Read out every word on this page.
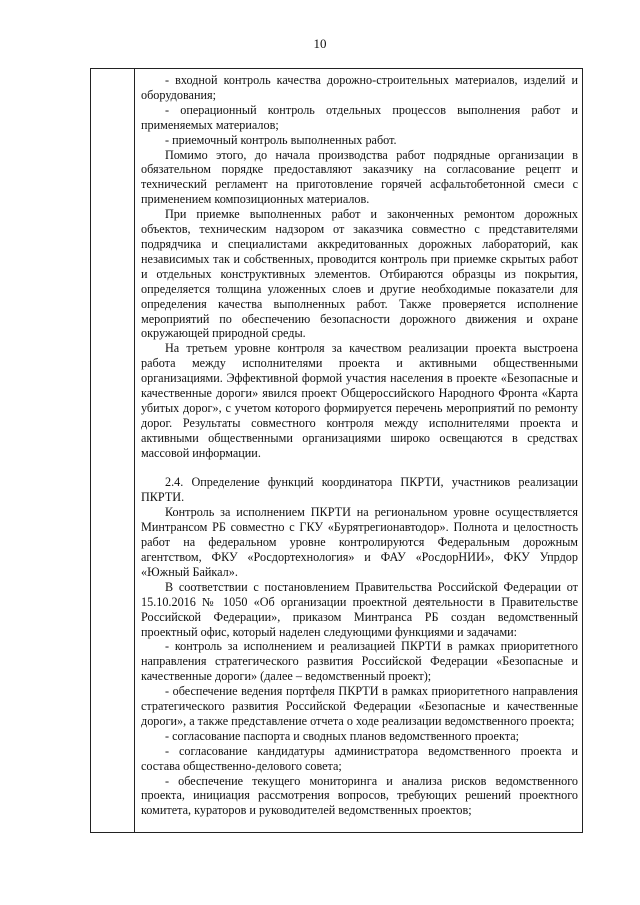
10

- входной контроль качества дорожно-строительных материалов, изделий и оборудования;

- операционный контроль отдельных процессов выполнения работ и применяемых материалов;

- приемочный контроль выполненных работ.

Помимо этого, до начала производства работ подрядные организации в обязательном порядке предоставляют заказчику на согласование рецепт и технический регламент на приготовление горячей асфальтобетонной смеси с применением композиционных материалов.

При приемке выполненных работ и законченных ремонтом дорожных объектов, техническим надзором от заказчика совместно с представителями подрядчика и специалистами аккредитованных дорожных лабораторий, как независимых так и собственных, проводится контроль при приемке скрытых работ и отдельных конструктивных элементов. Отбираются образцы из покрытия, определяется толщина уложенных слоев и другие необходимые показатели для определения качества выполненных работ. Также проверяется исполнение мероприятий по обеспечению безопасности дорожного движения и охране окружающей природной среды.

На третьем уровне контроля за качеством реализации проекта выстроена работа между исполнителями проекта и активными общественными организациями. Эффективной формой участия населения в проекте «Безопасные и качественные дороги» явился проект Общероссийского Народного Фронта «Карта убитых дорог», с учетом которого формируется перечень мероприятий по ремонту дорог. Результаты совместного контроля между исполнителями проекта и активными общественными организациями широко освещаются в средствах массовой информации.

2.4. Определение функций координатора ПКРТИ, участников реализации ПКРТИ.

Контроль за исполнением ПКРТИ на региональном уровне осуществляется Минтрансом РБ совместно с ГКУ «Бурятрегионавтодор». Полнота и целостность работ на федеральном уровне контролируются Федеральным дорожным агентством, ФКУ «Росдортехнология» и ФАУ «РосдорНИИ», ФКУ Упрдор «Южный Байкал».

В соответствии с постановлением Правительства Российской Федерации от 15.10.2016 № 1050 «Об организации проектной деятельности в Правительстве Российской Федерации», приказом Минтранса РБ создан ведомственный проектный офис, который наделен следующими функциями и задачами:

- контроль за исполнением и реализацией ПКРТИ в рамках приоритетного направления стратегического развития Российской Федерации «Безопасные и качественные дороги» (далее – ведомственный проект);

- обеспечение ведения портфеля ПКРТИ в рамках приоритетного направления стратегического развития Российской Федерации «Безопасные и качественные дороги», а также представление отчета о ходе реализации ведомственного проекта;

- согласование паспорта и сводных планов ведомственного проекта;

- согласование кандидатуры администратора ведомственного проекта и состава общественно-делового совета;

- обеспечение текущего мониторинга и анализа рисков ведомственного проекта, инициация рассмотрения вопросов, требующих решений проектного комитета, кураторов и руководителей ведомственных проектов;
